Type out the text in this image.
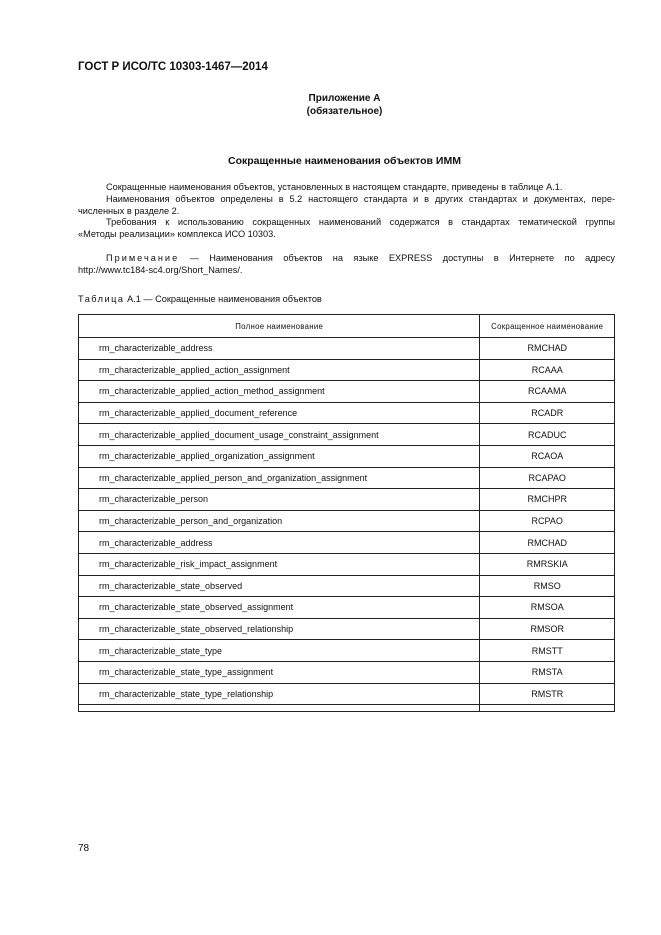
ГОСТ Р ИСО/ТС 10303-1467—2014
Приложение А
(обязательное)
Сокращенные наименования объектов ИММ

Сокращенные наименования объектов, установленных в настоящем стандарте, приведены в таблице А.1.

Наименования объектов определены в 5.2 настоящего стандарта и в других стандартах и документах, пере-

численных в разделе 2.

Требования к использованию сокращенных наименований содержатся в стандартах тематической группы

«Методы реализации» комплекса ИСО 10303.

Примечание — Наименования объектов на языке EXPRESS доступны в Интернете по адресу

http://www.tc184-sc4.org/Short_Names/.

Таблица А.1 — Сокращенные наименования объектов
Полное наименование	Сокращенное наименование
rm_characterizable_address	RMCHAD
rm_characterizable_applied_action_assignment	RCAAA
rm_characterizable_applied_action_method_assignment	RCAAMA
rm_characterizable_applied_document_reference	RCADR
rm_characterizable_applied_document_usage_constraint_assignment	RCADUC
rm_characterizable_applied_organization_assignment	RCAOA
rm_characterizable_applied_person_and_organization_assignment	RCAPAO
rm_characterizable_person	RMCHPR
rm_characterizable_person_and_organization	RCPAO
rm_characterizable_address	RMCHAD
rm_characterizable_risk_impact_assignment	RMRSKIA
rm_characterizable_state_observed	RMSO
rm_characterizable_state_observed_assignment	RMSOA
rm_characterizable_state_observed_relationship	RMSOR
rm_characterizable_state_type	RMSTT
rm_characterizable_state_type_assignment	RMSTA
rm_characterizable_state_type_relationship	RMSTR

78
